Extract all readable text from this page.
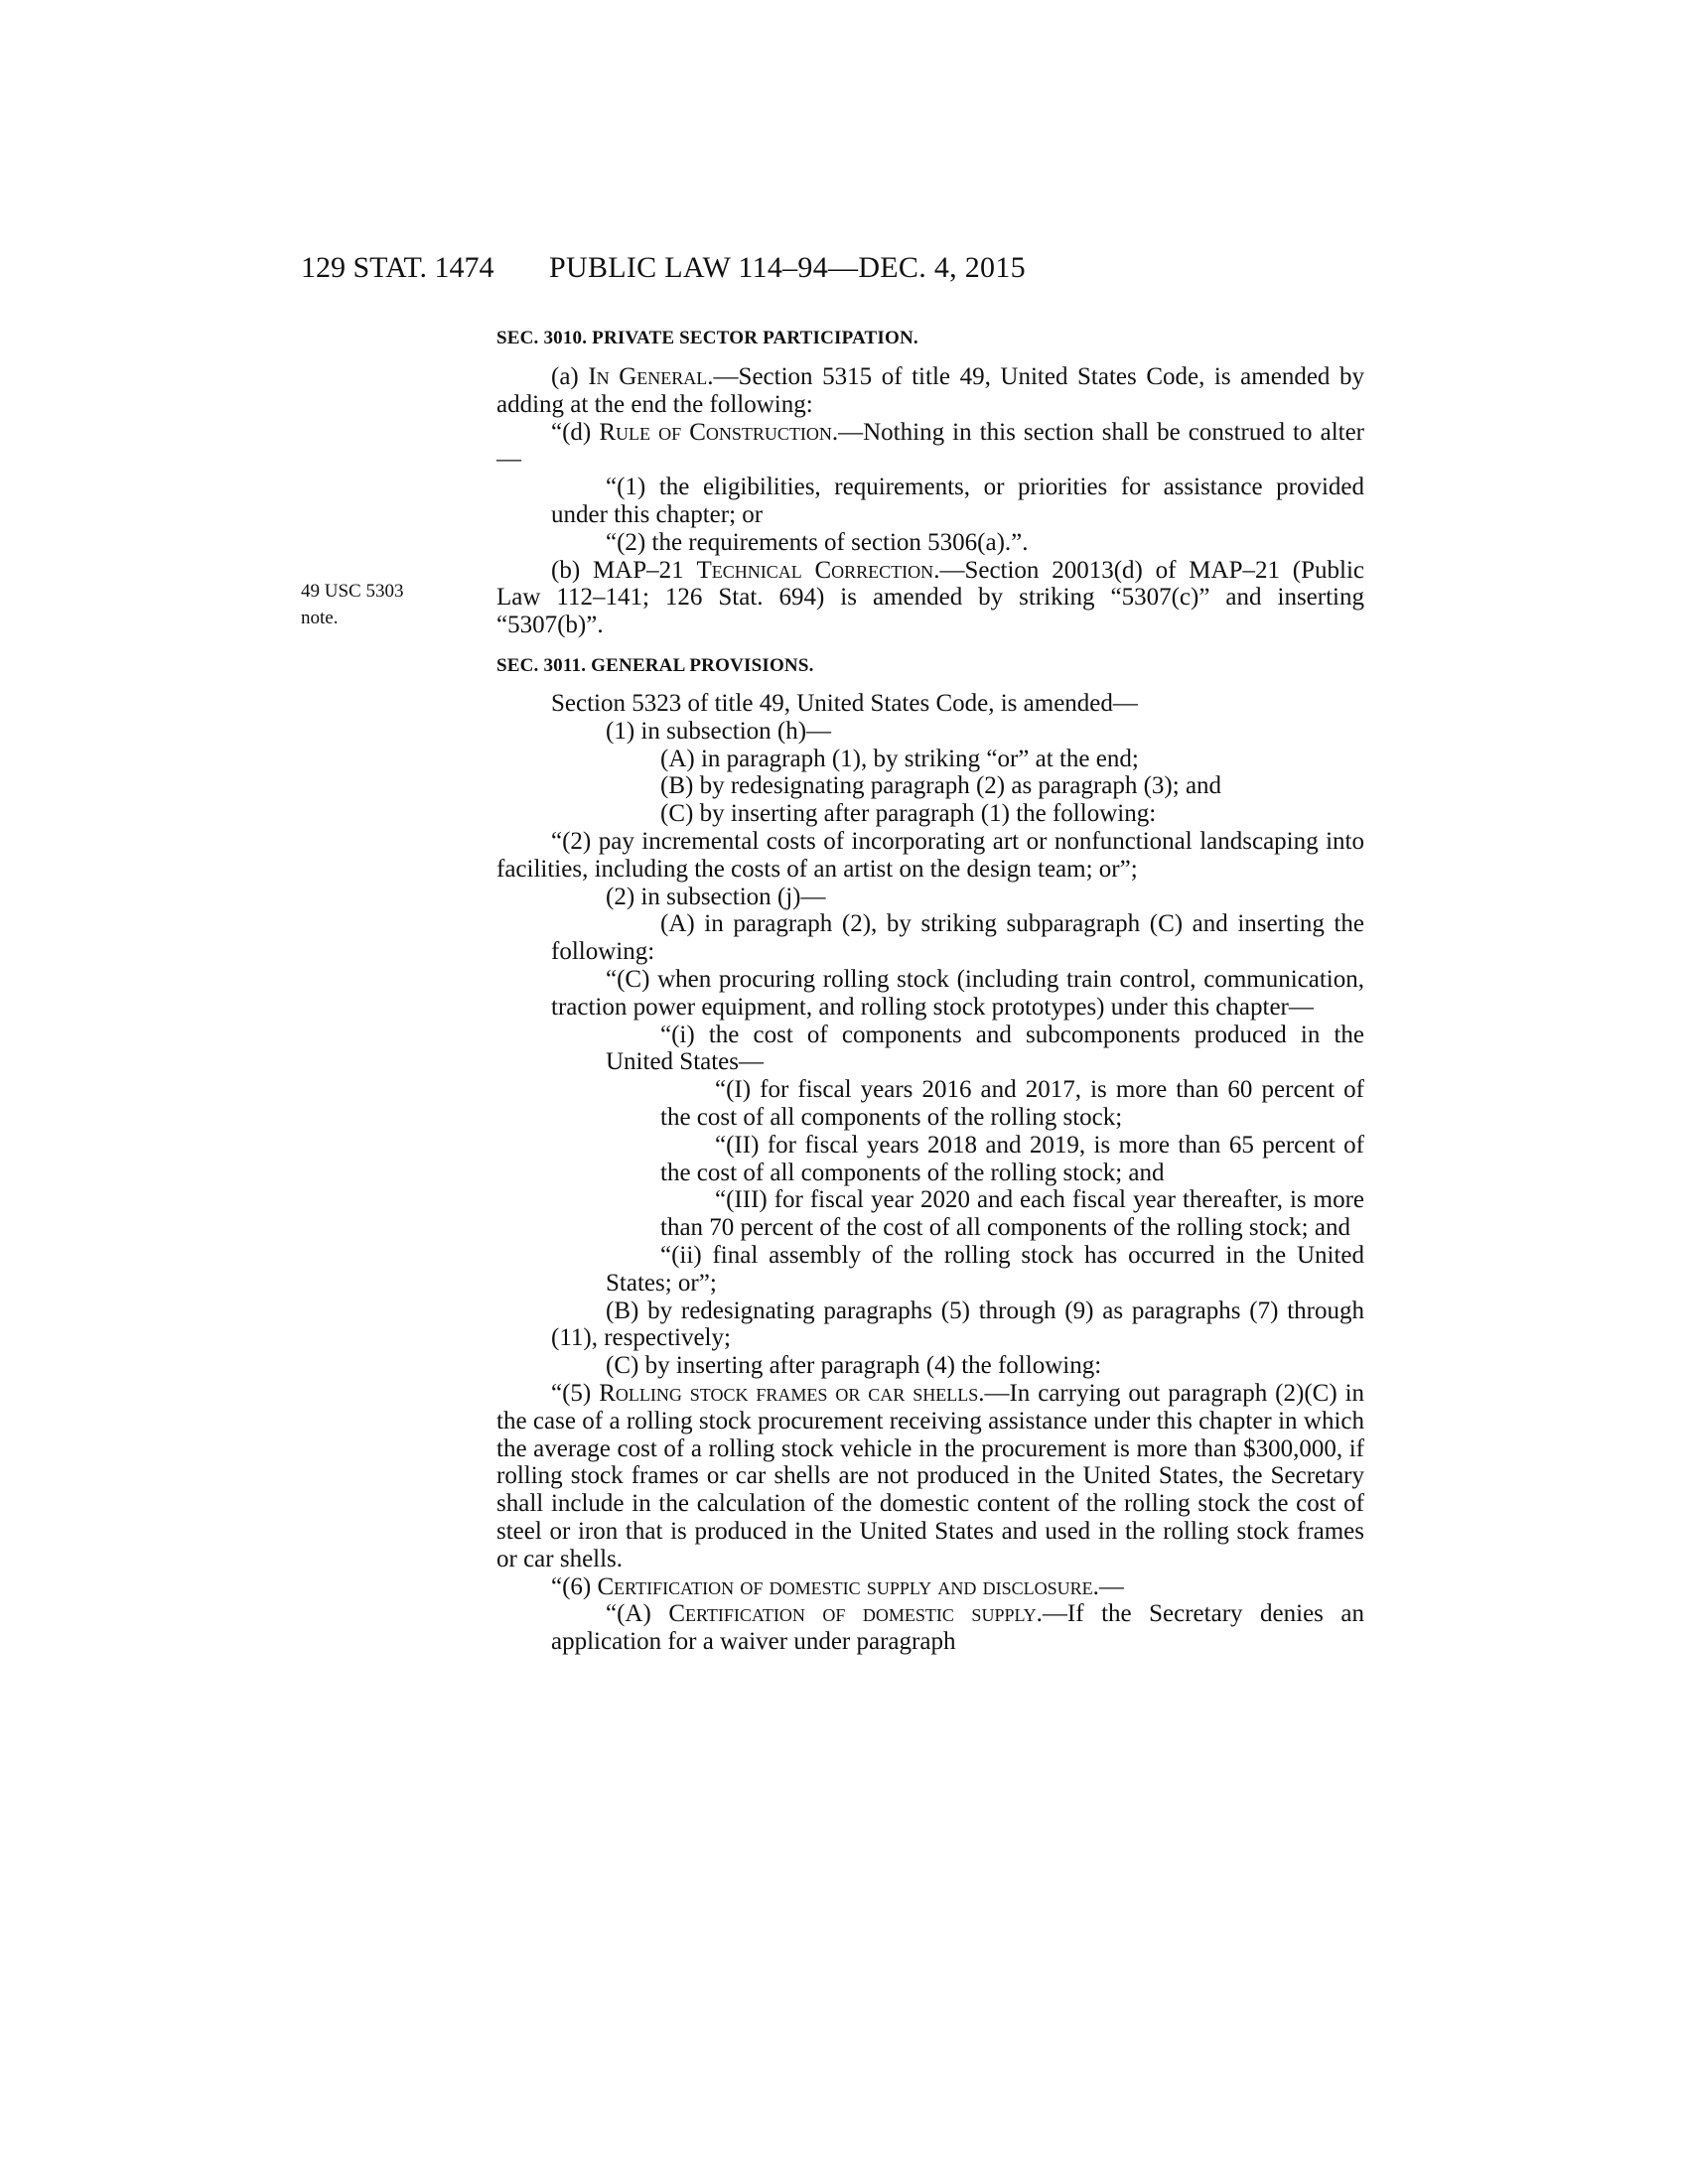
129 STAT. 1474 PUBLIC LAW 114–94—DEC. 4, 2015
SEC. 3010. PRIVATE SECTOR PARTICIPATION.

(a) In General.—Section 5315 of title 49, United States Code, is amended by adding at the end the following:

“(d) Rule of Construction.—Nothing in this section shall be construed to alter—

“(1) the eligibilities, requirements, or priorities for assistance provided under this chapter; or

“(2) the requirements of section 5306(a).”.

(b) MAP–21 Technical Correction.—Section 20013(d) of MAP–21 (Public Law 112–141; 126 Stat. 694) is amended by striking “5307(c)” and inserting “5307(b)”.

49 USC 5303
note.
SEC. 3011. GENERAL PROVISIONS.

Section 5323 of title 49, United States Code, is amended—

(1) in subsection (h)—

(A) in paragraph (1), by striking “or” at the end;

(B) by redesignating paragraph (2) as paragraph (3); and

(C) by inserting after paragraph (1) the following:

“(2) pay incremental costs of incorporating art or nonfunctional landscaping into facilities, including the costs of an artist on the design team; or”;

(2) in subsection (j)—

(A) in paragraph (2), by striking subparagraph (C) and inserting the following:

“(C) when procuring rolling stock (including train control, communication, traction power equipment, and rolling stock prototypes) under this chapter—

“(i) the cost of components and subcomponents produced in the United States—

“(I) for fiscal years 2016 and 2017, is more than 60 percent of the cost of all components of the rolling stock;

“(II) for fiscal years 2018 and 2019, is more than 65 percent of the cost of all components of the rolling stock; and

“(III) for fiscal year 2020 and each fiscal year thereafter, is more than 70 percent of the cost of all components of the rolling stock; and

“(ii) final assembly of the rolling stock has occurred in the United States; or”;

(B) by redesignating paragraphs (5) through (9) as paragraphs (7) through (11), respectively;

(C) by inserting after paragraph (4) the following:

“(5) Rolling stock frames or car shells.—In carrying out paragraph (2)(C) in the case of a rolling stock procurement receiving assistance under this chapter in which the average cost of a rolling stock vehicle in the procurement is more than $300,000, if rolling stock frames or car shells are not produced in the United States, the Secretary shall include in the calculation of the domestic content of the rolling stock the cost of steel or iron that is produced in the United States and used in the rolling stock frames or car shells.

“(6) Certification of domestic supply and disclosure.—

“(A) Certification of domestic supply.—If the Secretary denies an application for a waiver under paragraph
